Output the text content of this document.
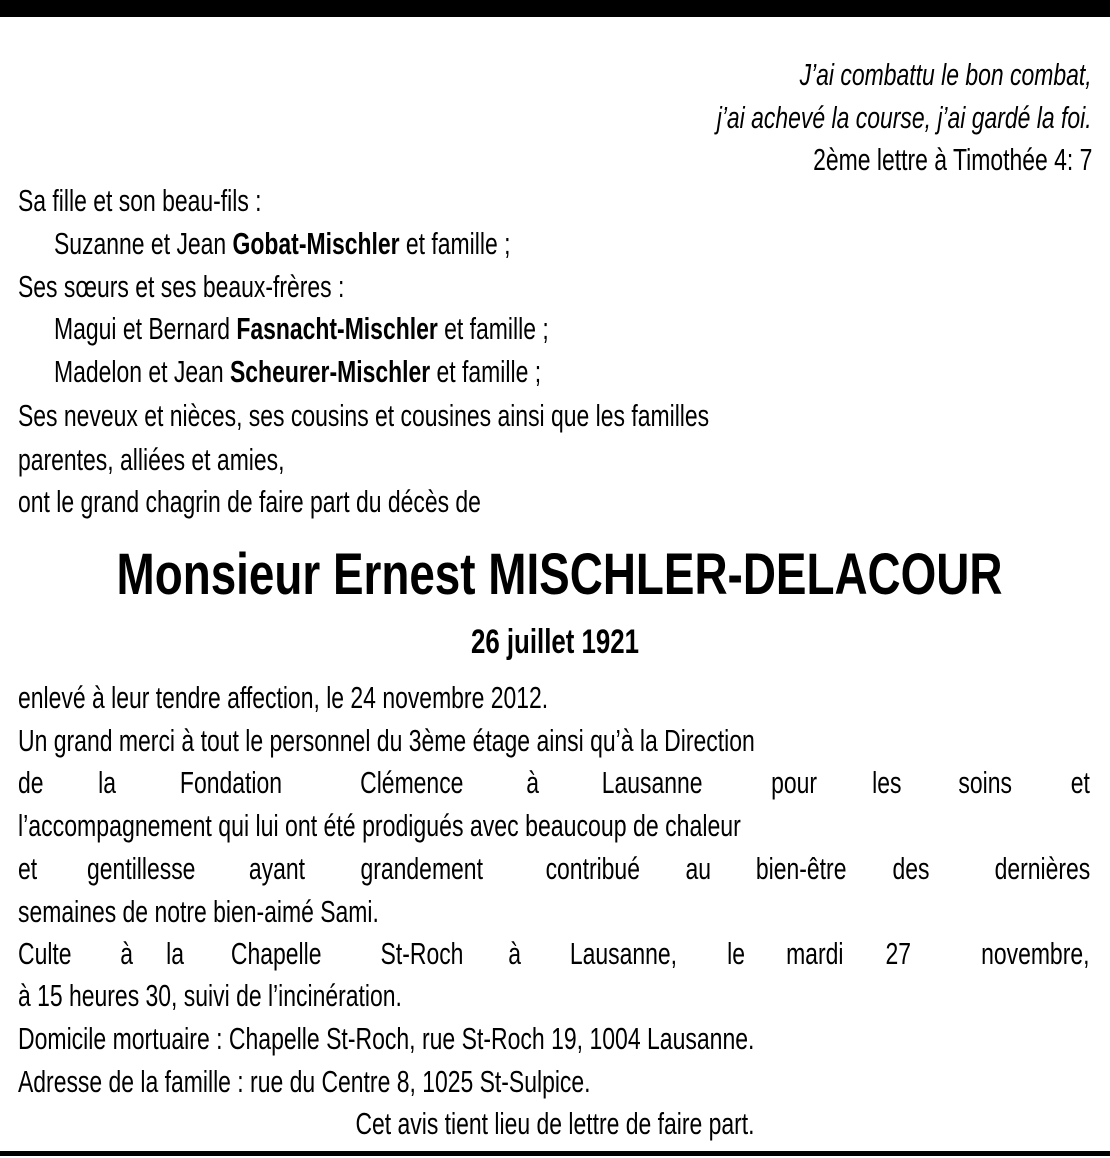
J’ai combattu le bon combat,
j’ai achevé la course, j’ai gardé la foi.
2ème lettre à Timothée 4: 7
Sa fille et son beau-fils :
Suzanne et Jean Gobat-Mischler et famille ;
Ses sœurs et ses beaux-frères :
Magui et Bernard Fasnacht-Mischler et famille ;
Madelon et Jean Scheurer-Mischler et famille ;
Ses neveux et nièces, ses cousins et cousines ainsi que les familles
parentes, alliées et amies,
ont le grand chagrin de faire part du décès de
Monsieur Ernest MISCHLER-DELACOUR
26 juillet 1921
enlevé à leur tendre affection, le 24 novembre 2012.
Un grand merci à tout le personnel du 3ème étage ainsi qu’à la Direction
de la Fondation	Clémence à Lausanne pour les soins et
l’accompagnement qui lui ont été prodigués avec beaucoup de chaleur
et gentillesse ayant grandement contribué au bien-être des dernières
semaines de notre bien-aimé Sami.
Culte à la Chapelle St-Roch à Lausanne, le mardi 27 novembre,
à 15 heures 30, suivi de l’incinération.
Domicile mortuaire : Chapelle St-Roch, rue St-Roch 19, 1004 Lausanne.
Adresse de la famille : rue du Centre 8, 1025 St-Sulpice.
Cet avis tient lieu de lettre de faire part.
